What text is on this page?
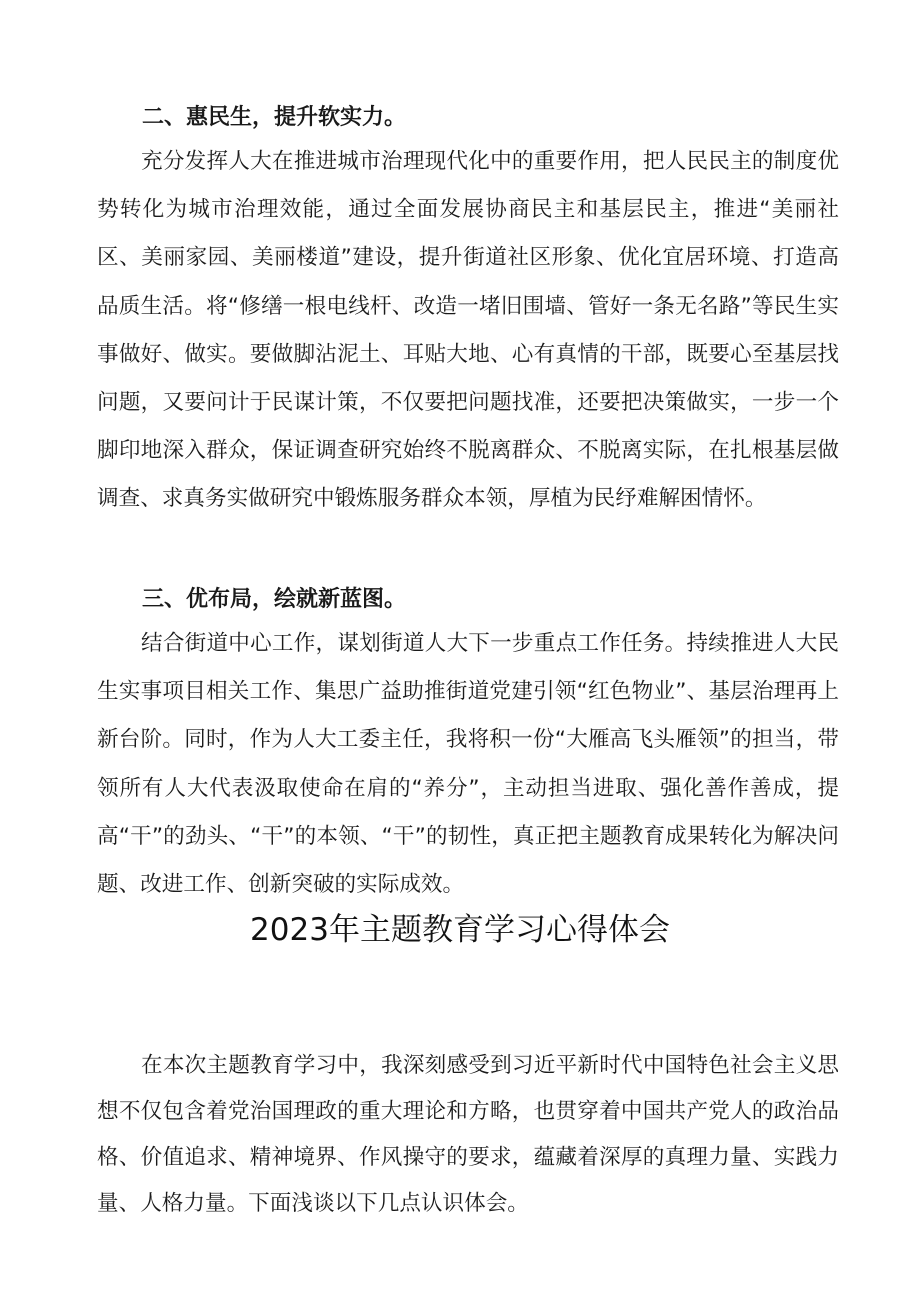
二、惠民生，提升软实力。

充分发挥人大在推进城市治理现代化中的重要作用，把人民民主的制度优势转化为城市治理效能，通过全面发展协商民主和基层民主，推进“美丽社区、美丽家园、美丽楼道”建设，提升街道社区形象、优化宜居环境、打造高品质生活。将“修缮一根电线杆、改造一堵旧围墙、管好一条无名路”等民生实事做好、做实。要做脚沾泥土、耳贴大地、心有真情的干部，既要心至基层找问题，又要问计于民谋计策，不仅要把问题找准，还要把决策做实，一步一个脚印地深入群众，保证调查研究始终不脱离群众、不脱离实际，在扎根基层做调查、求真务实做研究中锻炼服务群众本领，厚植为民纾难解困情怀。

三、优布局，绘就新蓝图。

结合街道中心工作，谋划街道人大下一步重点工作任务。持续推进人大民生实事项目相关工作、集思广益助推街道党建引领“红色物业”、基层治理再上新台阶。同时，作为人大工委主任，我将积一份“大雁高飞头雁领”的担当，带领所有人大代表汲取使命在肩的“养分”，主动担当进取、强化善作善成，提高“干”的劲头、“干”的本领、“干”的韧性，真正把主题教育成果转化为解决问题、改进工作、创新突破的实际成效。

2023年主题教育学习心得体会

在本次主题教育学习中，我深刻感受到习近平新时代中国特色社会主义思想不仅包含着党治国理政的重大理论和方略，也贯穿着中国共产党人的政治品格、价值追求、精神境界、作风操守的要求，蕴藏着深厚的真理力量、实践力量、人格力量。下面浅谈以下几点认识体会。
